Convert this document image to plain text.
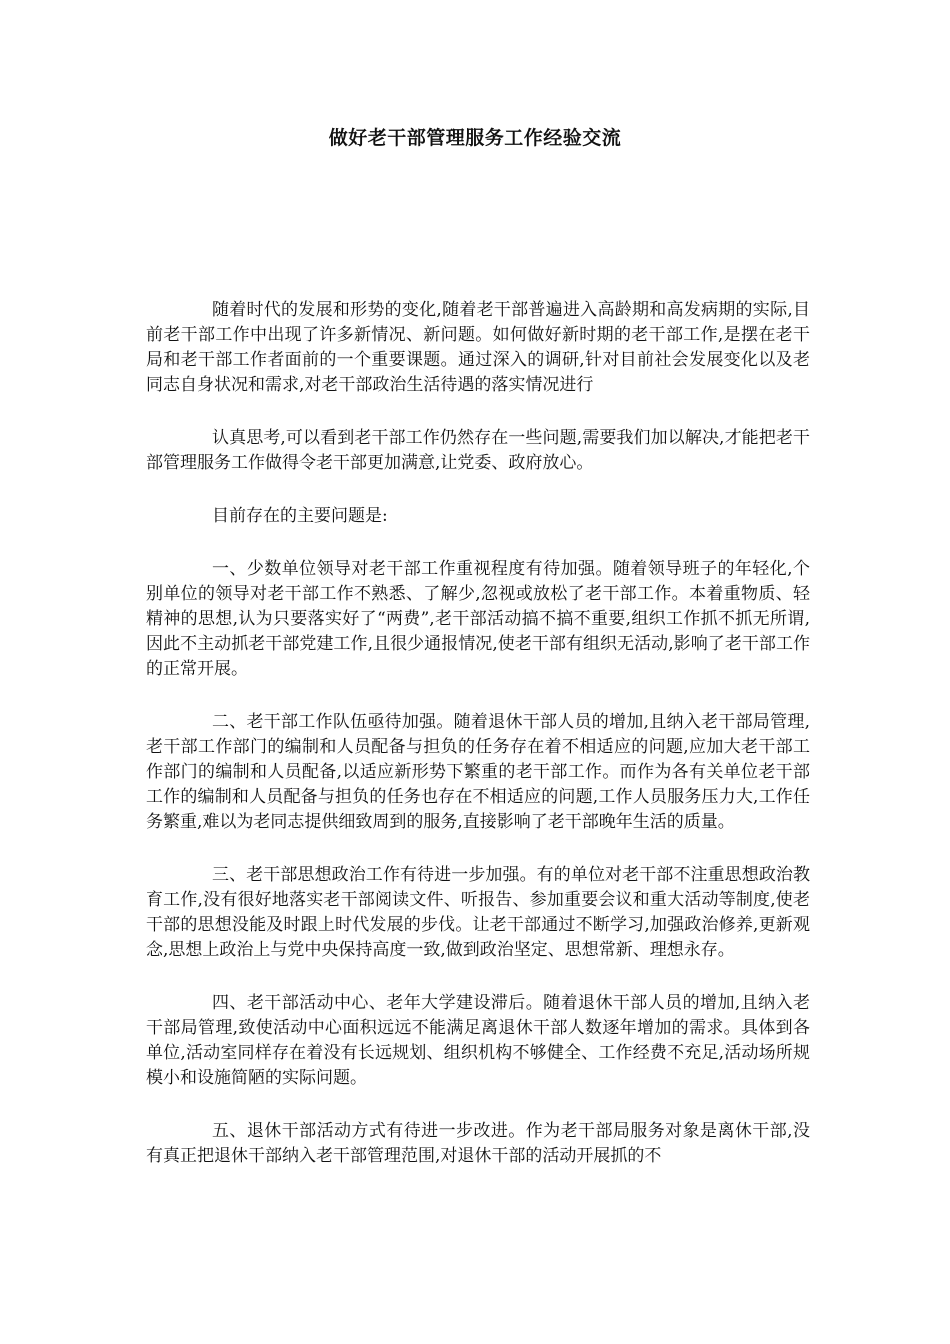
做好老干部管理服务工作经验交流

随着时代的发展和形势的变化,随着老干部普遍进入高龄期和高发病期的实际,目前老干部工作中出现了许多新情况、新问题。如何做好新时期的老干部工作,是摆在老干局和老干部工作者面前的一个重要课题。通过深入的调研,针对目前社会发展变化以及老同志自身状况和需求,对老干部政治生活待遇的落实情况进行

认真思考,可以看到老干部工作仍然存在一些问题,需要我们加以解决,才能把老干部管理服务工作做得令老干部更加满意,让党委、政府放心。

目前存在的主要问题是:

一、少数单位领导对老干部工作重视程度有待加强。随着领导班子的年轻化,个别单位的领导对老干部工作不熟悉、了解少,忽视或放松了老干部工作。本着重物质、轻精神的思想,认为只要落实好了“两费”,老干部活动搞不搞不重要,组织工作抓不抓无所谓,因此不主动抓老干部党建工作,且很少通报情况,使老干部有组织无活动,影响了老干部工作的正常开展。

二、老干部工作队伍亟待加强。随着退休干部人员的增加,且纳入老干部局管理,老干部工作部门的编制和人员配备与担负的任务存在着不相适应的问题,应加大老干部工作部门的编制和人员配备,以适应新形势下繁重的老干部工作。而作为各有关单位老干部工作的编制和人员配备与担负的任务也存在不相适应的问题,工作人员服务压力大,工作任务繁重,难以为老同志提供细致周到的服务,直接影响了老干部晚年生活的质量。

三、老干部思想政治工作有待进一步加强。有的单位对老干部不注重思想政治教育工作,没有很好地落实老干部阅读文件、听报告、参加重要会议和重大活动等制度,使老干部的思想没能及时跟上时代发展的步伐。让老干部通过不断学习,加强政治修养,更新观念,思想上政治上与党中央保持高度一致,做到政治坚定、思想常新、理想永存。

四、老干部活动中心、老年大学建设滞后。随着退休干部人员的增加,且纳入老干部局管理,致使活动中心面积远远不能满足离退休干部人数逐年增加的需求。具体到各单位,活动室同样存在着没有长远规划、组织机构不够健全、工作经费不充足,活动场所规模小和设施简陋的实际问题。

五、退休干部活动方式有待进一步改进。作为老干部局服务对象是离休干部,没有真正把退休干部纳入老干部管理范围,对退休干部的活动开展抓的不
